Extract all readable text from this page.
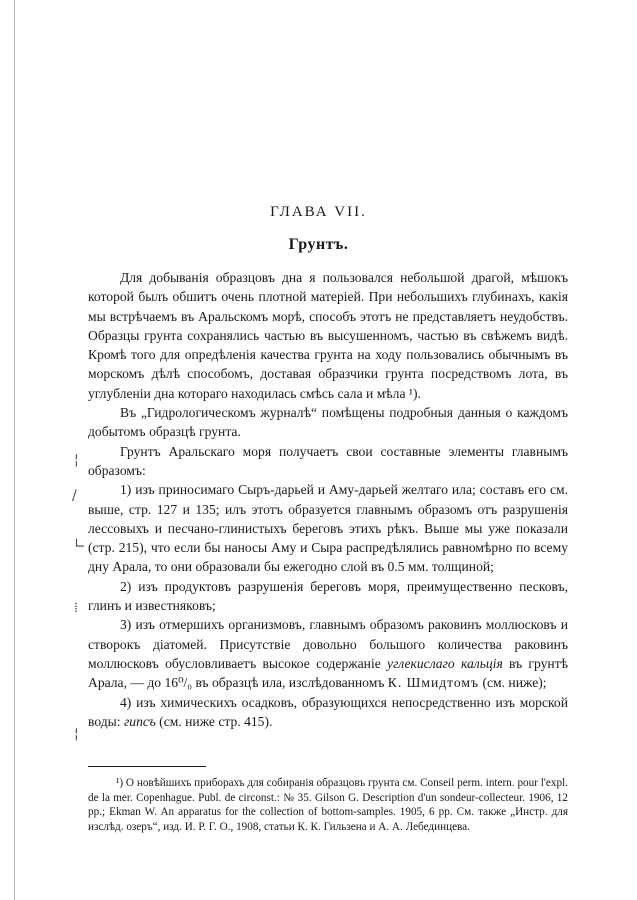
¦
/
∟
⁞
¦
ГЛАВА VII.
Грунтъ.

Для добыванія образцовъ дна я пользовался небольшой драгой, мѣшокъ которой былъ обшитъ очень плотной матеріей. При небольшихъ глубинахъ, какія мы встрѣчаемъ въ Аральскомъ морѣ, способъ этотъ не представляетъ неудобствъ. Образцы грунта сохранялись частью въ высушенномъ, частью въ свѣжемъ видѣ. Кромѣ того для опредѣленія качества грунта на ходу пользовались обычнымъ въ морскомъ дѣлѣ способомъ, доставая образчики грунта посредствомъ лота, въ углубленіи дна котораго находилась смѣсь сала и мѣла ¹).

Въ „Гидрологическомъ журналѣ“ помѣщены подробныя данныя о каждомъ добытомъ образцѣ грунта.

Грунтъ Аральскаго моря получаетъ свои составные элементы главнымъ образомъ:

1) изъ приносимаго Сыръ-дарьей и Аму-дарьей желтаго ила; составъ его см. выше, стр. 127 и 135; илъ этотъ образуется главнымъ образомъ отъ разрушенія лессовыхъ и песчано-глинистыхъ береговъ этихъ рѣкъ. Выше мы уже показали (стр. 215), что если бы наносы Аму и Сыра распредѣлялись равномѣрно по всему дну Арала, то они образовали бы ежегодно слой въ 0.5 мм. толщиной;

2) изъ продуктовъ разрушенія береговъ моря, преимущественно песковъ, глинъ и известняковъ;

3) изъ отмершихъ организмовъ, главнымъ образомъ раковинъ моллюсковъ и створокъ діатомей. Присутствіе довольно большого количества раковинъ моллюсковъ обусловливаетъ высокое содержаніе углекислаго кальція въ грунтѣ Арала, — до 16⁰/₀ въ образцѣ ила, изслѣдованномъ К. Шмидтомъ (см. ниже);

4) изъ химическихъ осадковъ, образующихся непосредственно изъ морской воды: гипсъ (см. ниже стр. 415).

¹) О новѣйшихъ приборахъ для собиранія образцовъ грунта см. Conseil perm. intern. pour l'expl. de la mer. Copenhague. Publ. de circonst.: № 35. Gilson G. Description d'un sondeur-collecteur. 1906, 12 pp.; Ekman W. An apparatus for the collection of bottom-samples. 1905, 6 pp. См. также „Инстр. для изслѣд. озеръ“, изд. И. Р. Г. О., 1908, статьи К. К. Гильзена и А. А. Лебединцева.
